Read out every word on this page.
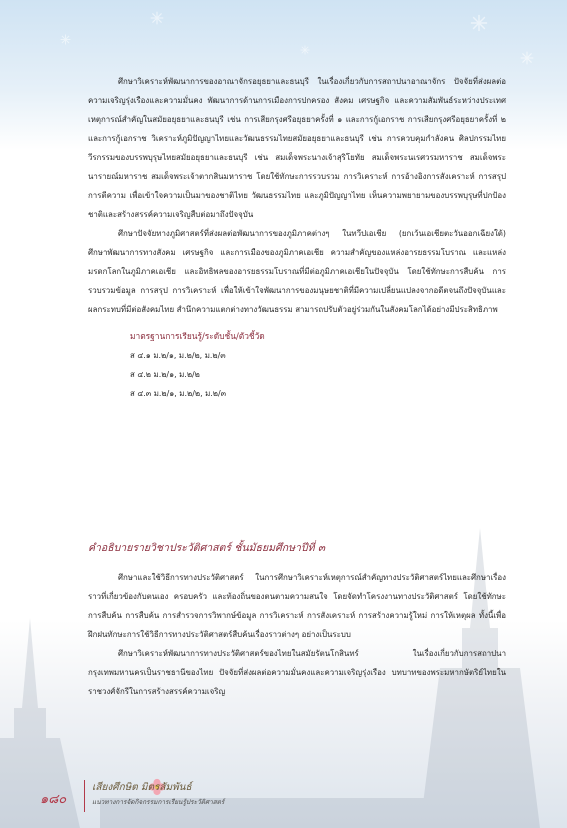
ศึกษาวิเคราะห์พัฒนาการของอาณาจักรอยุธยาและธนบุรี ในเรื่องเกี่ยวกับการสถาปนาอาณาจักร ปัจจัยที่ส่งผลต่อความเจริญรุ่งเรืองและความมั่นคง พัฒนาการด้านการเมืองการปกครอง สังคม เศรษฐกิจ และความสัมพันธ์ระหว่างประเทศ เหตุการณ์สำคัญในสมัยอยุธยาและธนบุรี เช่น การเสียกรุงศรีอยุธยาครั้งที่ ๑ และการกู้เอกราช การเสียกรุงศรีอยุธยาครั้งที่ ๒ และการกู้เอกราช วิเคราะห์ภูมิปัญญาไทยและวัฒนธรรมไทยสมัยอยุธยาและธนบุรี เช่น การควบคุมกำลังคน ศิลปกรรมไทย วีรกรรมของบรรพบุรุษไทยสมัยอยุธยาและธนบุรี เช่น สมเด็จพระนางเจ้าสุริโยทัย สมเด็จพระนเรศวรมหาราช สมเด็จพระนารายณ์มหาราช สมเด็จพระเจ้าตากสินมหาราช โดยใช้ทักษะการรวบรวม การวิเคราะห์ การอ้างอิงการสังเคราะห์ การสรุป การตีความ เพื่อเข้าใจความเป็นมาของชาติไทย วัฒนธรรมไทย และภูมิปัญญาไทย เห็นความพยายามของบรรพบุรุษที่ปกป้องชาติและสร้างสรรค์ความเจริญสืบต่อมาถึงปัจจุบัน

ศึกษาปัจจัยทางภูมิศาสตร์ที่ส่งผลต่อพัฒนาการของภูมิภาคต่างๆ ในทวีปเอเชีย (ยกเว้นเอเชียตะวันออกเฉียงใต้) ศึกษาพัฒนาการทางสังคม เศรษฐกิจ และการเมืองของภูมิภาคเอเชีย ความสำคัญของแหล่งอารยธรรมโบราณ และแหล่งมรดกโลกในภูมิภาคเอเชีย และอิทธิพลของอารยธรรมโบราณที่มีต่อภูมิภาคเอเชียในปัจจุบัน โดยใช้ทักษะการสืบค้น การรวบรวมข้อมูล การสรุป การวิเคราะห์ เพื่อให้เข้าใจพัฒนาการของมนุษยชาติที่มีความเปลี่ยนแปลงจากอดีตจนถึงปัจจุบันและผลกระทบที่มีต่อสังคมไทย สำนึกความแตกต่างทางวัฒนธรรม สามารถปรับตัวอยู่ร่วมกันในสังคมโลกได้อย่างมีประสิทธิภาพ

มาตรฐานการเรียนรู้/ระดับชั้น/ตัวชี้วัด
ส ๔.๑ ม.๒/๑, ม.๒/๒, ม.๒/๓
ส ๔.๒ ม.๒/๑, ม.๒/๒
ส ๔.๓ ม.๒/๑, ม.๒/๒, ม.๒/๓
คำอธิบายรายวิชาประวัติศาสตร์ ชั้นมัธยมศึกษาปีที่ ๓

ศึกษาและใช้วิธีการทางประวัติศาสตร์ ในการศึกษาวิเคราะห์เหตุการณ์สำคัญทางประวัติศาสตร์ไทยและศึกษาเรื่องราวที่เกี่ยวข้องกับตนเอง ครอบครัว และท้องถิ่นของตนตามความสนใจ โดยจัดทำโครงงานทางประวัติศาสตร์ โดยใช้ทักษะการสืบค้น การสืบค้น การสำรวจการวิพากษ์ข้อมูล การวิเคราะห์ การสังเคราะห์ การสร้างความรู้ใหม่ การให้เหตุผล ทั้งนี้เพื่อฝึกฝนทักษะการใช้วิธีการทางประวัติศาสตร์สืบค้นเรื่องราวต่างๆ อย่างเป็นระบบ

ศึกษาวิเคราะห์พัฒนาการทางประวัติศาสตร์ของไทยในสมัยรัตนโกสินทร์ ในเรื่องเกี่ยวกับการสถาปนากรุงเทพมหานครเป็นราชธานีของไทย ปัจจัยที่ส่งผลต่อความมั่นคงและความเจริญรุ่งเรือง บทบาทของพระมหากษัตริย์ไทยในราชวงศ์จักรีในการสร้างสรรค์ความเจริญ

๑๘๐
เสียงศึกษิต มิตรสัมพันธ์
แนวทางการจัดกิจกรรมการเรียนรู้ประวัติศาสตร์
